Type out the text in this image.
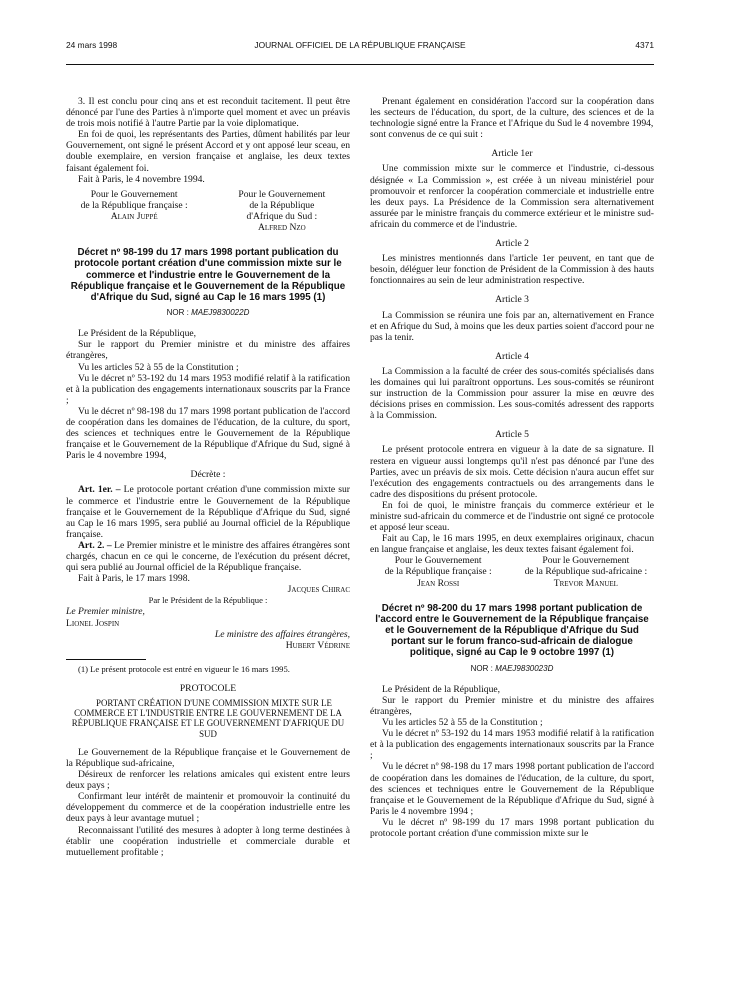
24 mars 1998	JOURNAL OFFICIEL DE LA RÉPUBLIQUE FRANÇAISE	4371

3. Il est conclu pour cinq ans et est reconduit tacitement. Il peut être dénoncé par l'une des Parties à n'importe quel moment et avec un préavis de trois mois notifié à l'autre Partie par la voie diplomatique.

En foi de quoi, les représentants des Parties, dûment habilités par leur Gouvernement, ont signé le présent Accord et y ont apposé leur sceau, en double exemplaire, en version française et anglaise, les deux textes faisant également foi.

Fait à Paris, le 4 novembre 1994.

Pour le Gouvernement
de la République française :
Alain Juppé
Pour le Gouvernement
de la République
d'Afrique du Sud :
Alfred Nzo
Décret nº 98-199 du 17 mars 1998 portant publication du protocole portant création d'une commission mixte sur le commerce et l'industrie entre le Gouvernement de la République française et le Gouvernement de la République d'Afrique du Sud, signé au Cap le 16 mars 1995 (1)
NOR : MAEJ9830022D

Le Président de la République,

Sur le rapport du Premier ministre et du ministre des affaires étrangères,

Vu les articles 52 à 55 de la Constitution ;

Vu le décret nº 53-192 du 14 mars 1953 modifié relatif à la ratification et à la publication des engagements internationaux souscrits par la France ;

Vu le décret nº 98-198 du 17 mars 1998 portant publication de l'accord de coopération dans les domaines de l'éducation, de la culture, du sport, des sciences et techniques entre le Gouvernement de la République française et le Gouvernement de la République d'Afrique du Sud, signé à Paris le 4 novembre 1994,

Décrète :

Art. 1er. – Le protocole portant création d'une commission mixte sur le commerce et l'industrie entre le Gouvernement de la République française et le Gouvernement de la République d'Afrique du Sud, signé au Cap le 16 mars 1995, sera publié au Journal officiel de la République française.

Art. 2. – Le Premier ministre et le ministre des affaires étrangères sont chargés, chacun en ce qui le concerne, de l'exécution du présent décret, qui sera publié au Journal officiel de la République française.

Fait à Paris, le 17 mars 1998.

Jacques Chirac

Par le Président de la République :

Le Premier ministre,

Lionel Jospin

Le ministre des affaires étrangères,

Hubert Védrine

(1) Le présent protocole est entré en vigueur le 16 mars 1995.

PROTOCOLE

PORTANT CRÉATION D'UNE COMMISSION MIXTE SUR LE COMMERCE ET L'INDUSTRIE ENTRE LE GOUVERNEMENT DE LA RÉPUBLIQUE FRANÇAISE ET LE GOUVERNEMENT D'AFRIQUE DU SUD

Le Gouvernement de la République française et le Gouvernement de la République sud-africaine,

Désireux de renforcer les relations amicales qui existent entre leurs deux pays ;

Confirmant leur intérêt de maintenir et promouvoir la continuité du développement du commerce et de la coopération industrielle entre les deux pays à leur avantage mutuel ;

Reconnaissant l'utilité des mesures à adopter à long terme destinées à établir une coopération industrielle et commerciale durable et mutuellement profitable ;

Prenant également en considération l'accord sur la coopération dans les secteurs de l'éducation, du sport, de la culture, des sciences et de la technologie signé entre la France et l'Afrique du Sud le 4 novembre 1994,

sont convenus de ce qui suit :

Article 1er

Une commission mixte sur le commerce et l'industrie, ci-dessous désignée « La Commission », est créée à un niveau ministériel pour promouvoir et renforcer la coopération commerciale et industrielle entre les deux pays. La Présidence de la Commission sera alternativement assurée par le ministre français du commerce extérieur et le ministre sud-africain du commerce et de l'industrie.

Article 2

Les ministres mentionnés dans l'article 1er peuvent, en tant que de besoin, déléguer leur fonction de Président de la Commission à des hauts fonctionnaires au sein de leur administration respective.

Article 3

La Commission se réunira une fois par an, alternativement en France et en Afrique du Sud, à moins que les deux parties soient d'accord pour ne pas la tenir.

Article 4

La Commission a la faculté de créer des sous-comités spécialisés dans les domaines qui lui paraîtront opportuns. Les sous-comités se réuniront sur instruction de la Commission pour assurer la mise en œuvre des décisions prises en commission. Les sous-comités adressent des rapports à la Commission.

Article 5

Le présent protocole entrera en vigueur à la date de sa signature. Il restera en vigueur aussi longtemps qu'il n'est pas dénoncé par l'une des Parties, avec un préavis de six mois. Cette décision n'aura aucun effet sur l'exécution des engagements contractuels ou des arrangements dans le cadre des dispositions du présent protocole.

En foi de quoi, le ministre français du commerce extérieur et le ministre sud-africain du commerce et de l'industrie ont signé ce protocole et apposé leur sceau.

Fait au Cap, le 16 mars 1995, en deux exemplaires originaux, chacun en langue française et anglaise, les deux textes faisant également foi.

Pour le Gouvernement
de la République française :
Jean Rossi
Pour le Gouvernement
de la République sud-africaine :
Trevor Manuel
Décret nº 98-200 du 17 mars 1998 portant publication de l'accord entre le Gouvernement de la République française et le Gouvernement de la République d'Afrique du Sud portant sur le forum franco-sud-africain de dialogue politique, signé au Cap le 9 octobre 1997 (1)
NOR : MAEJ9830023D

Le Président de la République,

Sur le rapport du Premier ministre et du ministre des affaires étrangères,

Vu les articles 52 à 55 de la Constitution ;

Vu le décret nº 53-192 du 14 mars 1953 modifié relatif à la ratification et à la publication des engagements internationaux souscrits par la France ;

Vu le décret nº 98-198 du 17 mars 1998 portant publication de l'accord de coopération dans les domaines de l'éducation, de la culture, du sport, des sciences et techniques entre le Gouvernement de la République française et le Gouvernement de la République d'Afrique du Sud, signé à Paris le 4 novembre 1994 ;

Vu le décret nº 98-199 du 17 mars 1998 portant publication du protocole portant création d'une commission mixte sur le
